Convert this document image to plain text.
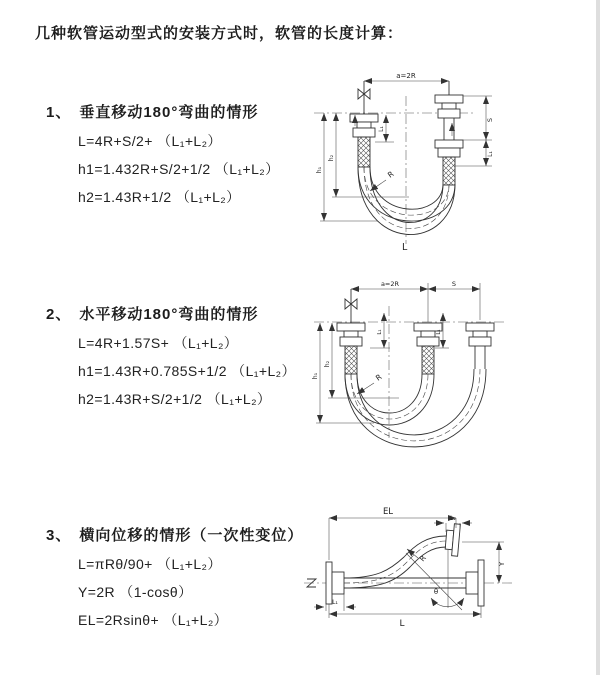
几种软管运动型式的安装方式时，软管的长度计算：
1、 垂直移动180°弯曲的情形
L=4R+S/2+ （L₁+L₂）
h1=1.432R+S/2+1/2 （L₁+L₂）
h2=1.43R+1/2 （L₁+L₂）
2、 水平移动180°弯曲的情形
L=4R+1.57S+ （L₁+L₂）
h1=1.43R+0.785S+1/2 （L₁+L₂）
h2=1.43R+S/2+1/2 （L₁+L₂）
3、 横向位移的情形（一次性变位）
L=πRθ/90+ （L₁+L₂）
Y=2R （1-cosθ）
EL=2Rsinθ+ （L₁+L₂）
a=2R
S
L₁
L₁
h₂
h₁	R
L
a=2R	S
L₁	L₁
h₂
h₁	R
EL
L₂
Y
R
θ
L
L₁
